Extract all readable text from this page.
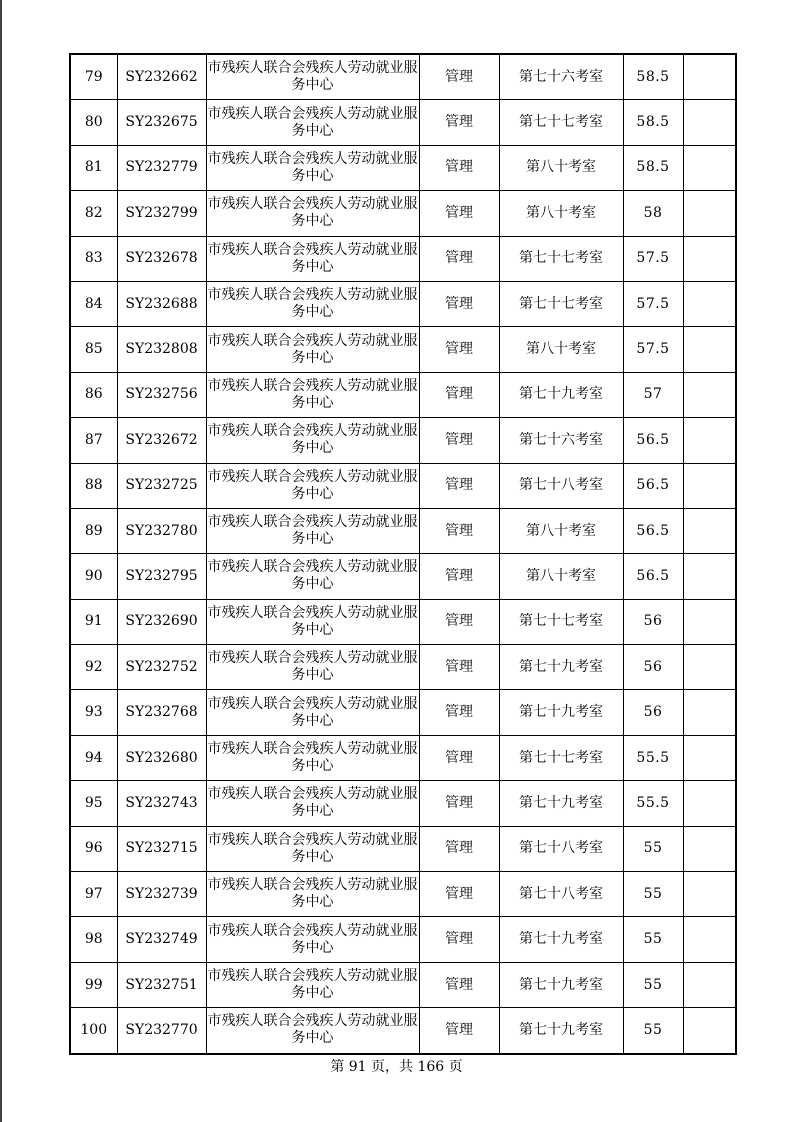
79	SY232662	市残疾人联合会残疾人劳动就业服务中心	管理	第七十六考室	58.5	
80	SY232675	市残疾人联合会残疾人劳动就业服务中心	管理	第七十七考室	58.5	
81	SY232779	市残疾人联合会残疾人劳动就业服务中心	管理	第八十考室	58.5	
82	SY232799	市残疾人联合会残疾人劳动就业服务中心	管理	第八十考室	58	
83	SY232678	市残疾人联合会残疾人劳动就业服务中心	管理	第七十七考室	57.5	
84	SY232688	市残疾人联合会残疾人劳动就业服务中心	管理	第七十七考室	57.5	
85	SY232808	市残疾人联合会残疾人劳动就业服务中心	管理	第八十考室	57.5	
86	SY232756	市残疾人联合会残疾人劳动就业服务中心	管理	第七十九考室	57	
87	SY232672	市残疾人联合会残疾人劳动就业服务中心	管理	第七十六考室	56.5	
88	SY232725	市残疾人联合会残疾人劳动就业服务中心	管理	第七十八考室	56.5	
89	SY232780	市残疾人联合会残疾人劳动就业服务中心	管理	第八十考室	56.5	
90	SY232795	市残疾人联合会残疾人劳动就业服务中心	管理	第八十考室	56.5	
91	SY232690	市残疾人联合会残疾人劳动就业服务中心	管理	第七十七考室	56	
92	SY232752	市残疾人联合会残疾人劳动就业服务中心	管理	第七十九考室	56	
93	SY232768	市残疾人联合会残疾人劳动就业服务中心	管理	第七十九考室	56	
94	SY232680	市残疾人联合会残疾人劳动就业服务中心	管理	第七十七考室	55.5	
95	SY232743	市残疾人联合会残疾人劳动就业服务中心	管理	第七十九考室	55.5	
96	SY232715	市残疾人联合会残疾人劳动就业服务中心	管理	第七十八考室	55	
97	SY232739	市残疾人联合会残疾人劳动就业服务中心	管理	第七十八考室	55	
98	SY232749	市残疾人联合会残疾人劳动就业服务中心	管理	第七十九考室	55	
99	SY232751	市残疾人联合会残疾人劳动就业服务中心	管理	第七十九考室	55	
100	SY232770	市残疾人联合会残疾人劳动就业服务中心	管理	第七十九考室	55	
第 91 页，共 166 页
